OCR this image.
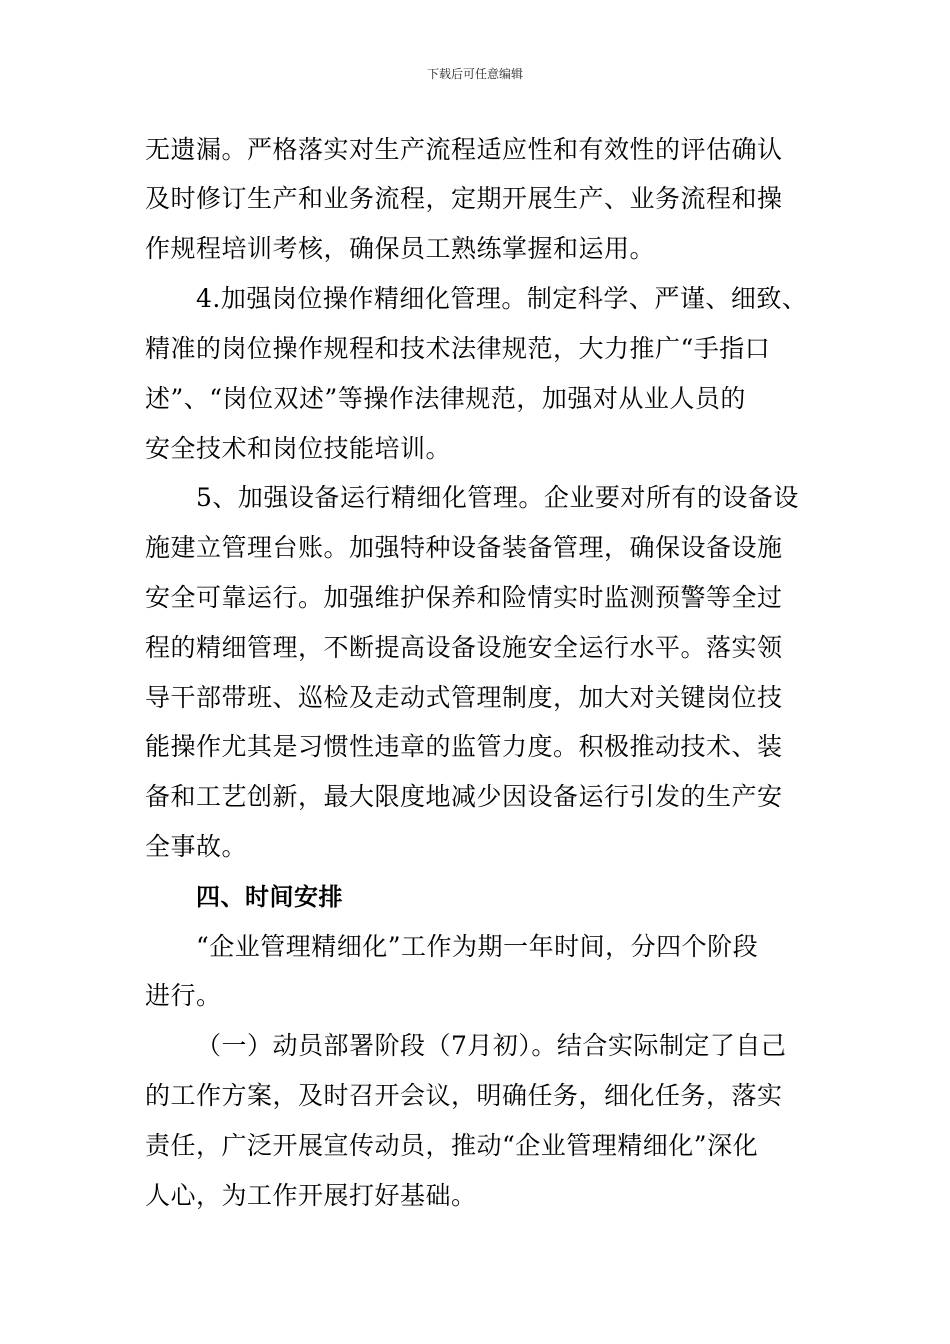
下载后可任意编辑
无遗漏。严格落实对生产流程适应性和有效性的评估确认
及时修订生产和业务流程，定期开展生产、业务流程和操
作规程培训考核，确保员工熟练掌握和运用。
4.加强岗位操作精细化管理。制定科学、严谨、细致、
精准的岗位操作规程和技术法律规范，大力推广“手指口
述”、“岗位双述”等操作法律规范，加强对从业人员的
安全技术和岗位技能培训。
5、加强设备运行精细化管理。企业要对所有的设备设
施建立管理台账。加强特种设备装备管理，确保设备设施
安全可靠运行。加强维护保养和险情实时监测预警等全过
程的精细管理，不断提高设备设施安全运行水平。落实领
导干部带班、巡检及走动式管理制度，加大对关键岗位技
能操作尤其是习惯性违章的监管力度。积极推动技术、装
备和工艺创新，最大限度地减少因设备运行引发的生产安
全事故。
四、时间安排
“企业管理精细化”工作为期一年时间，分四个阶段
进行。
（一）动员部署阶段（7月初）。结合实际制定了自己
的工作方案，及时召开会议，明确任务，细化任务，落实
责任，广泛开展宣传动员，推动“企业管理精细化”深化
人心，为工作开展打好基础。
